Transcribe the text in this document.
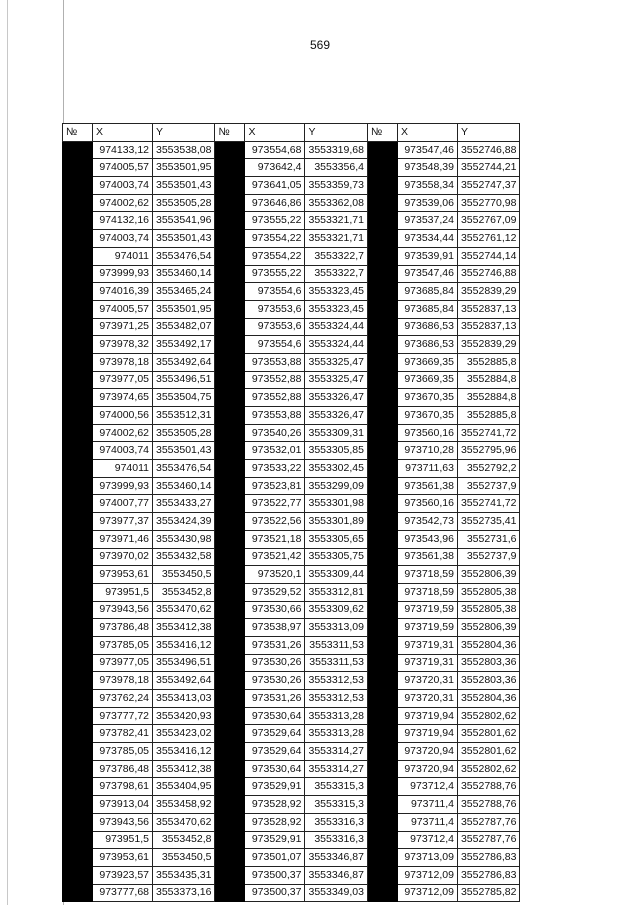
569
№	X	Y	№	X	Y	№	X	Y
	974133,12	3553538,08		973554,68	3553319,68		973547,46	3552746,88
	974005,57	3553501,95		973642,4	3553356,4		973548,39	3552744,21
	974003,74	3553501,43		973641,05	3553359,73		973558,34	3552747,37
	974002,62	3553505,28		973646,86	3553362,08		973539,06	3552770,98
	974132,16	3553541,96		973555,22	3553321,71		973537,24	3552767,09
	974003,74	3553501,43		973554,22	3553321,71		973534,44	3552761,12
	974011	3553476,54		973554,22	3553322,7		973539,91	3552744,14
	973999,93	3553460,14		973555,22	3553322,7		973547,46	3552746,88
	974016,39	3553465,24		973554,6	3553323,45		973685,84	3552839,29
	974005,57	3553501,95		973553,6	3553323,45		973685,84	3552837,13
	973971,25	3553482,07		973553,6	3553324,44		973686,53	3552837,13
	973978,32	3553492,17		973554,6	3553324,44		973686,53	3552839,29
	973978,18	3553492,64		973553,88	3553325,47		973669,35	3552885,8
	973977,05	3553496,51		973552,88	3553325,47		973669,35	3552884,8
	973974,65	3553504,75		973552,88	3553326,47		973670,35	3552884,8
	974000,56	3553512,31		973553,88	3553326,47		973670,35	3552885,8
	974002,62	3553505,28		973540,26	3553309,31		973560,16	3552741,72
	974003,74	3553501,43		973532,01	3553305,85		973710,28	3552795,96
	974011	3553476,54		973533,22	3553302,45		973711,63	3552792,2
	973999,93	3553460,14		973523,81	3553299,09		973561,38	3552737,9
	974007,77	3553433,27		973522,77	3553301,98		973560,16	3552741,72
	973977,37	3553424,39		973522,56	3553301,89		973542,73	3552735,41
	973971,46	3553430,98		973521,18	3553305,65		973543,96	3552731,6
	973970,02	3553432,58		973521,42	3553305,75		973561,38	3552737,9
	973953,61	3553450,5		973520,1	3553309,44		973718,59	3552806,39
	973951,5	3553452,8		973529,52	3553312,81		973718,59	3552805,38
	973943,56	3553470,62		973530,66	3553309,62		973719,59	3552805,38
	973786,48	3553412,38		973538,97	3553313,09		973719,59	3552806,39
	973785,05	3553416,12		973531,26	3553311,53		973719,31	3552804,36
	973977,05	3553496,51		973530,26	3553311,53		973719,31	3552803,36
	973978,18	3553492,64		973530,26	3553312,53		973720,31	3552803,36
	973762,24	3553413,03		973531,26	3553312,53		973720,31	3552804,36
	973777,72	3553420,93		973530,64	3553313,28		973719,94	3552802,62
	973782,41	3553423,02		973529,64	3553313,28		973719,94	3552801,62
	973785,05	3553416,12		973529,64	3553314,27		973720,94	3552801,62
	973786,48	3553412,38		973530,64	3553314,27		973720,94	3552802,62
	973798,61	3553404,95		973529,91	3553315,3		973712,4	3552788,76
	973913,04	3553458,92		973528,92	3553315,3		973711,4	3552788,76
	973943,56	3553470,62		973528,92	3553316,3		973711,4	3552787,76
	973951,5	3553452,8		973529,91	3553316,3		973712,4	3552787,76
	973953,61	3553450,5		973501,07	3553346,87		973713,09	3552786,83
	973923,57	3553435,31		973500,37	3553346,87		973712,09	3552786,83
	973777,68	3553373,16		973500,37	3553349,03		973712,09	3552785,82
